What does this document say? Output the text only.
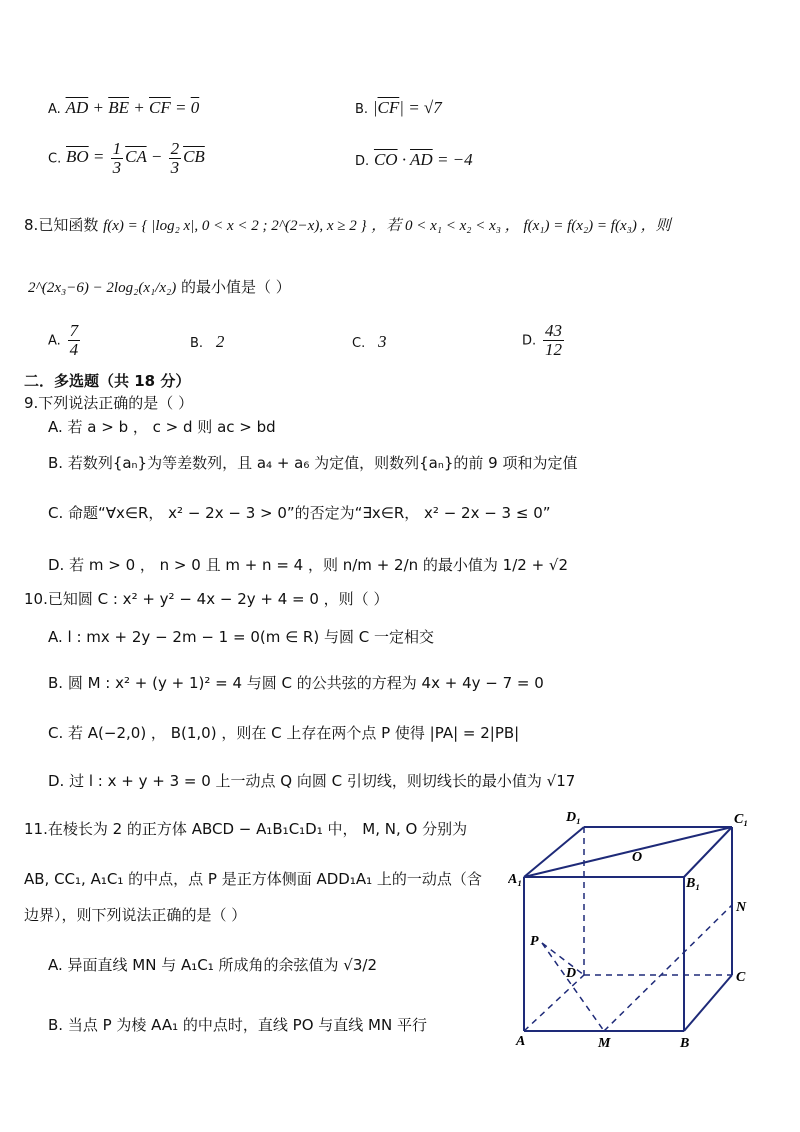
A. $\overline{AD} + \overline{BE} + \overline{CF} = 0$	B. $|\overline{CF}| = √7$
C. $\overline{BO} = \frac{1}{3} \overline{CA} - \frac{2}{3} \overline{CB}$	D. $\overline{CO} \cdot \overline{AD} = -4$
8.已知函数 f(x) = { |log₂ x|, 0 < x < 2 ; 2^(2−x), x ≥ 2 } ，若 0 < x₁ < x₂ < x₃ ， f(x₁) = f(x₂) = f(x₃) ，则
2^(2x₃−6) − 2log₂(x₁/x₂) 的最小值是（ ）
A. $\frac{7}{4}$	B. 2	C. 3	D. $\frac{43}{12}$
二．多选题（共 18 分）
9.下列说法正确的是（ ）
A. 若 a > b ， c > d 则 ac > bd
B. 若数列{aₙ}为等差数列，且 a₄ + a₆ 为定值，则数列{aₙ}的前 9 项和为定值
C. 命题“∀x∈R， x² − 2x − 3 > 0”的否定为“∃x∈R， x² − 2x − 3 ≤ 0”
D. 若 m > 0 ， n > 0 且 m + n = 4 ，则 n/m + 2/n 的最小值为 1/2 + √2
10.已知圆 C : x² + y² − 4x − 2y + 4 = 0 ，则（ ）
A. l : mx + 2y − 2m − 1 = 0(m ∈ R) 与圆 C 一定相交
B. 圆 M : x² + (y + 1)² = 4 与圆 C 的公共弦的方程为 4x + 4y − 7 = 0
C. 若 A(−2,0) ， B(1,0) ，则在 C 上存在两个点 P 使得 |PA| = 2|PB|
D. 过 l : x + y + 3 = 0 上一动点 Q 向圆 C 引切线，则切线长的最小值为 √17
11.在棱长为 2 的正方体 ABCD − A₁B₁C₁D₁ 中， M, N, O 分别为
AB, CC₁, A₁C₁ 的中点，点 P 是正方体侧面 ADD₁A₁ 上的一动点（含
边界），则下列说法正确的是（ ）
A. 异面直线 MN 与 A₁C₁ 所成角的余弦值为 √3/2
B. 当点 P 为棱 AA₁ 的中点时，直线 PO 与直线 MN 平行
D₁	C₁
A₁	B₁
O
N
P
D	C
A	M	B
